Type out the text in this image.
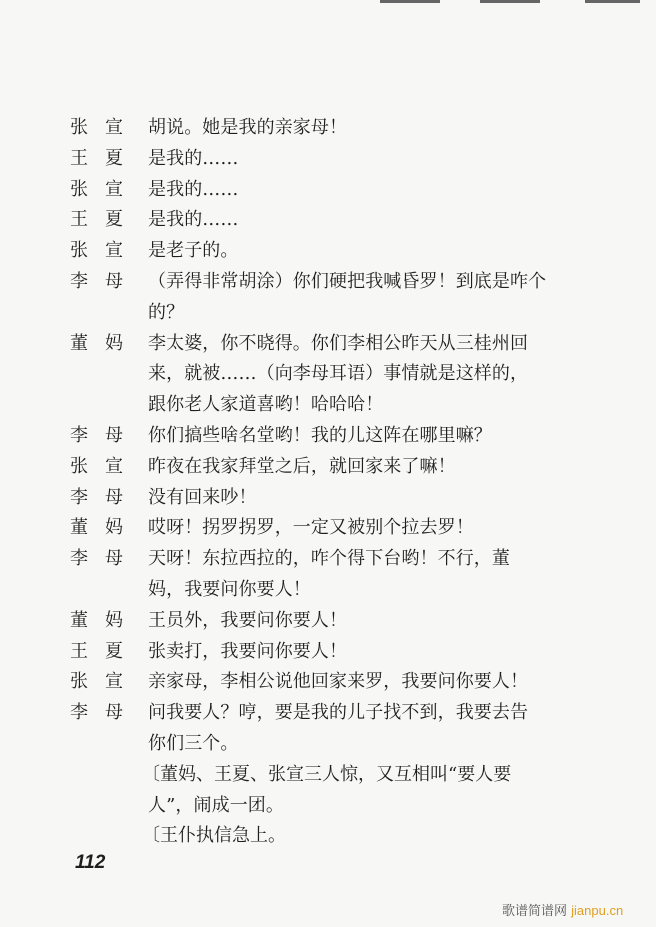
张 宣 胡说。她是我的亲家母！
王 夏 是我的……
张 宣 是我的……
王 夏 是我的……
张 宣 是老子的。
李 母 （弄得非常胡涂）你们硬把我喊昏罗！到底是咋个
的？
董 妈 李太婆，你不晓得。你们李相公昨天从三桂州回
来，就被……（向李母耳语）事情就是这样的，
跟你老人家道喜哟！哈哈哈！
李 母 你们搞些啥名堂哟！我的儿这阵在哪里嘛？
张 宣 昨夜在我家拜堂之后，就回家来了嘛！
李 母 没有回来吵！
董 妈 哎呀！拐罗拐罗，一定又被别个拉去罗！
李 母 天呀！东拉西拉的，咋个得下台哟！不行，董
妈，我要问你要人！
董 妈 王员外，我要问你要人！
王 夏 张卖打，我要问你要人！
张 宣 亲家母，李相公说他回家来罗，我要问你要人！
李 母 问我要人？哼，要是我的儿子找不到，我要去告
你们三个。
〔董妈、王夏、张宣三人惊，又互相叫“要人要
人”，闹成一团。
〔王仆执信急上。
112
歌谱简谱网 jianpu.cn
